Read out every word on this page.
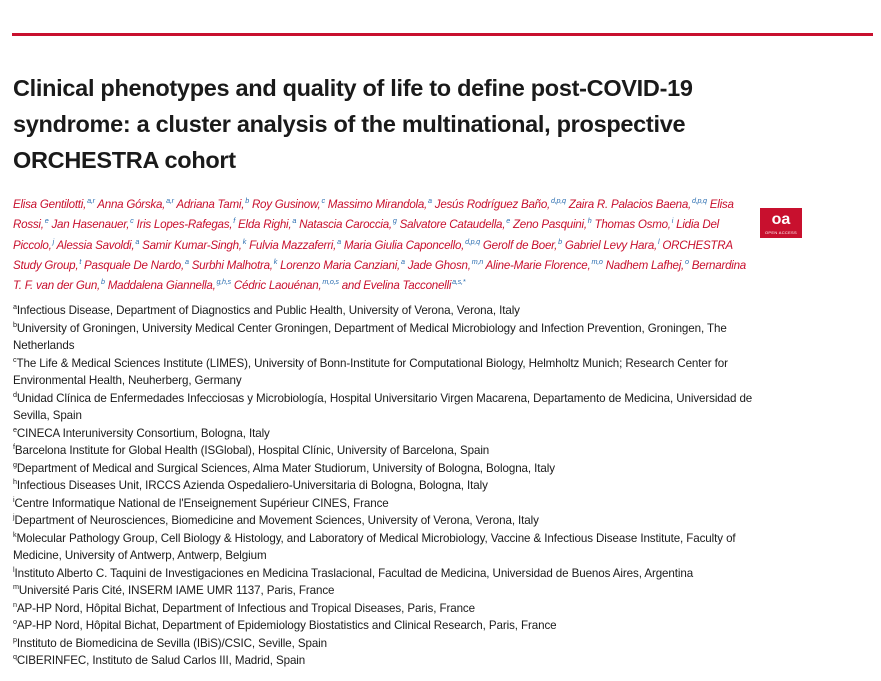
Clinical phenotypes and quality of life to define post-COVID-19 syndrome: a cluster analysis of the multinational, prospective ORCHESTRA cohort
Elisa Gentilotti,$^{a,r}$ Anna Górska,$^{a,r}$ Adriana Tami,$^b$ Roy Gusinow,$^c$ Massimo Mirandola,$^a$ Jesús Rodríguez Baño,$^{d,p,q}$ Zaira R. Palacios Baena,$^{d,p,q}$ Elisa Rossi,$^e$ Jan Hasenauer,$^c$ Iris Lopes-Rafegas,$^f$ Elda Righi,$^a$ Natascia Caroccia,$^g$ Salvatore Cataudella,$^e$ Zeno Pasquini,$^h$ Thomas Osmo,$^i$ Lidia Del Piccolo,$^j$ Alessia Savoldi,$^a$ Samir Kumar-Singh,$^k$ Fulvia Mazzaferri,$^a$ Maria Giulia Caponcello,$^{d,p,q}$ Gerolf de Boer,$^b$ Gabriel Levy Hara,$^l$ ORCHESTRA Study Group,$^t$ Pasquale De Nardo,$^a$ Surbhi Malhotra,$^k$ Lorenzo Maria Canziani,$^a$ Jade Ghosn,$^{m,n}$ Aline-Marie Florence,$^{m,o}$ Nadhem Lafhej,$^o$ Bernardina T. F. van der Gun,$^b$ Maddalena Giannella,$^{g,h,s}$ Cédric Laouénan,$^{m,o,s}$ and Evelina Tacconelli$^{a,s,*}$
oa
OPEN ACCESS

$^a$Infectious Disease, Department of Diagnostics and Public Health, University of Verona, Verona, Italy

$^b$University of Groningen, University Medical Center Groningen, Department of Medical Microbiology and Infection Prevention, Groningen, The Netherlands

$^c$The Life & Medical Sciences Institute (LIMES), University of Bonn-Institute for Computational Biology, Helmholtz Munich; Research Center for Environmental Health, Neuherberg, Germany

$^d$Unidad Clínica de Enfermedades Infecciosas y Microbiología, Hospital Universitario Virgen Macarena, Departamento de Medicina, Universidad de Sevilla, Spain

$^e$CINECA Interuniversity Consortium, Bologna, Italy

$^f$Barcelona Institute for Global Health (ISGlobal), Hospital Clínic, University of Barcelona, Spain

$^g$Department of Medical and Surgical Sciences, Alma Mater Studiorum, University of Bologna, Bologna, Italy

$^h$Infectious Diseases Unit, IRCCS Azienda Ospedaliero-Universitaria di Bologna, Bologna, Italy

$^i$Centre Informatique National de l'Enseignement Supérieur CINES, France

$^j$Department of Neurosciences, Biomedicine and Movement Sciences, University of Verona, Verona, Italy

$^k$Molecular Pathology Group, Cell Biology & Histology, and Laboratory of Medical Microbiology, Vaccine & Infectious Disease Institute, Faculty of Medicine, University of Antwerp, Antwerp, Belgium

$^l$Instituto Alberto C. Taquini de Investigaciones en Medicina Traslacional, Facultad de Medicina, Universidad de Buenos Aires, Argentina

$^m$Université Paris Cité, INSERM IAME UMR 1137, Paris, France

$^n$AP-HP Nord, Hôpital Bichat, Department of Infectious and Tropical Diseases, Paris, France

$^o$AP-HP Nord, Hôpital Bichat, Department of Epidemiology Biostatistics and Clinical Research, Paris, France

$^p$Instituto de Biomedicina de Sevilla (IBiS)/CSIC, Seville, Spain

$^q$CIBERINFEC, Instituto de Salud Carlos III, Madrid, Spain
